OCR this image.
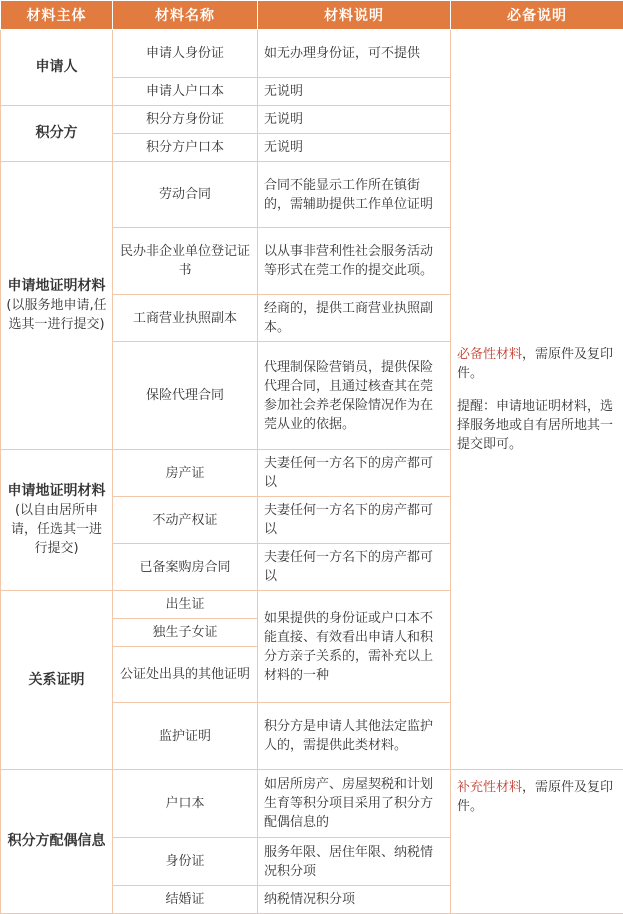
材料主体	材料名称	材料说明	必备说明
申请人	申请人身份证	如无办理身份证，可不提供	必备性材料，需原件及复印件。
提醒：申请地证明材料，选择服务地或自有居所地其一提交即可。
	申请人户口本	无说明	
积分方	积分方身份证	无说明	
	积分方户口本	无说明	
申请地证明材料
(以服务地申请,任选其一进行提交)	劳动合同	合同不能显示工作所在镇街的，需辅助提供工作单位证明	
	民办非企业单位登记证书	以从事非营利性社会服务活动等形式在莞工作的提交此项。	
	工商营业执照副本	经商的，提供工商营业执照副本。	
	保险代理合同	代理制保险营销员，提供保险代理合同，且通过核查其在莞参加社会养老保险情况作为在莞从业的依据。	
申请地证明材料
(以自由居所申请，任选其一进行提交)	房产证	夫妻任何一方名下的房产都可以	
	不动产权证	夫妻任何一方名下的房产都可以	
	已备案购房合同	夫妻任何一方名下的房产都可以	
关系证明	出生证	如果提供的身份证或户口本不能直接、有效看出申请人和积分方亲子关系的，需补充以上材料的一种	
	独生子女证		
	公证处出具的其他证明		
	监护证明	积分方是申请人其他法定监护人的，需提供此类材料。	
积分方配偶信息	户口本	如居所房产、房屋契税和计划生育等积分项目采用了积分方配偶信息的	补充性材料，需原件及复印件。
	身份证	服务年限、居住年限、纳税情况积分项	
	结婚证	纳税情况积分项	
